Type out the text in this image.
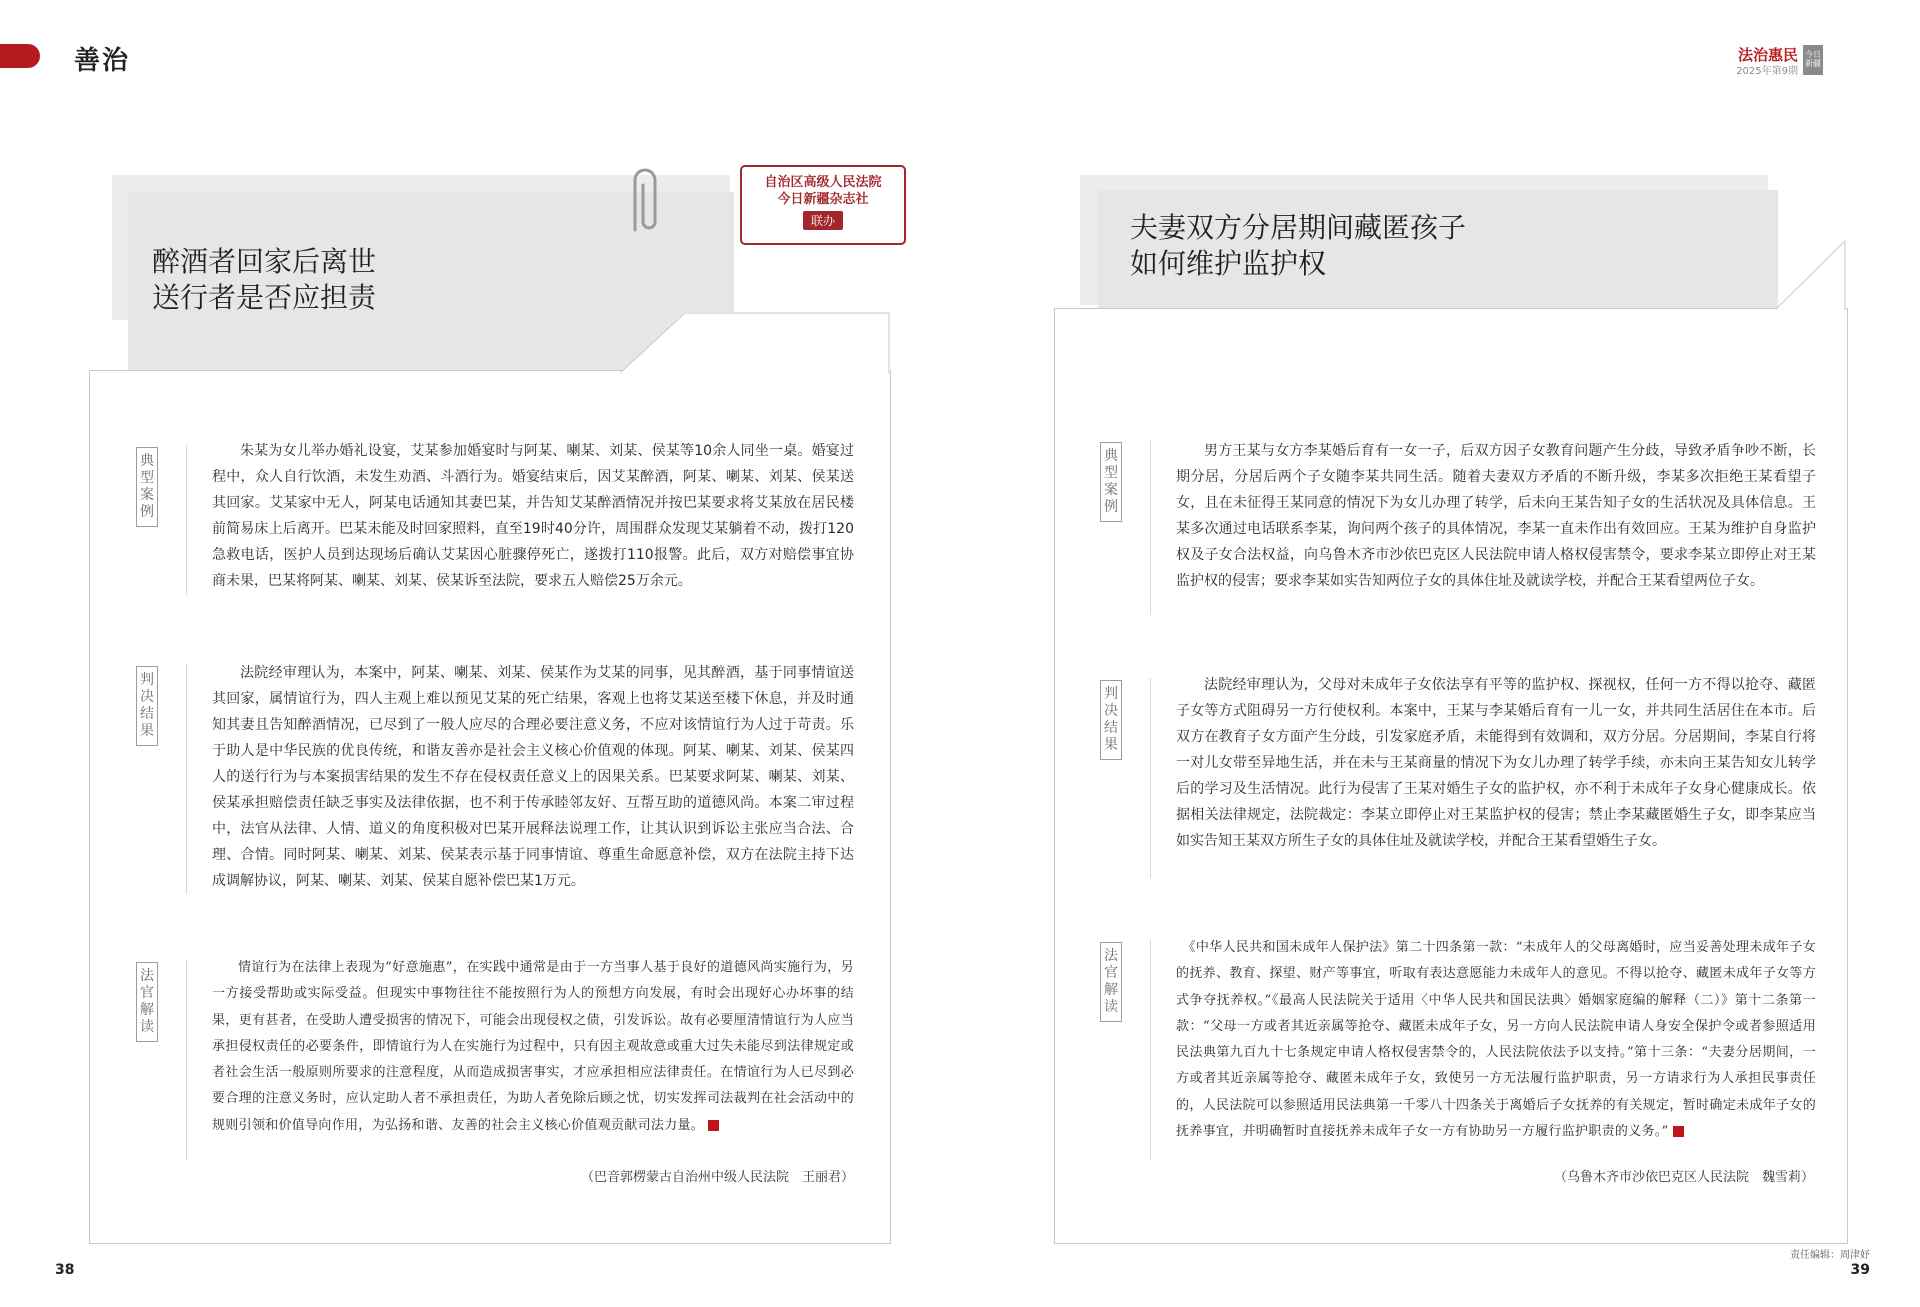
善治	法治惠民
2025年第9期
今日新疆
自治区高级人民法院
今日新疆杂志社
联办
醉酒者回家后离世
送行者是否应担责
典型案例

朱某为女儿举办婚礼设宴，艾某参加婚宴时与阿某、喇某、刘某、侯某等10余人同坐一桌。婚宴过程中，众人自行饮酒，未发生劝酒、斗酒行为。婚宴结束后，因艾某醉酒，阿某、喇某、刘某、侯某送其回家。艾某家中无人，阿某电话通知其妻巴某，并告知艾某醉酒情况并按巴某要求将艾某放在居民楼前简易床上后离开。巴某未能及时回家照料，直至19时40分许，周围群众发现艾某躺着不动，拨打120急救电话，医护人员到达现场后确认艾某因心脏骤停死亡，遂拨打110报警。此后，双方对赔偿事宜协商未果，巴某将阿某、喇某、刘某、侯某诉至法院，要求五人赔偿25万余元。

判决结果

法院经审理认为，本案中，阿某、喇某、刘某、侯某作为艾某的同事，见其醉酒，基于同事情谊送其回家，属情谊行为，四人主观上难以预见艾某的死亡结果，客观上也将艾某送至楼下休息，并及时通知其妻且告知醉酒情况，已尽到了一般人应尽的合理必要注意义务，不应对该情谊行为人过于苛责。乐于助人是中华民族的优良传统，和谐友善亦是社会主义核心价值观的体现。阿某、喇某、刘某、侯某四人的送行行为与本案损害结果的发生不存在侵权责任意义上的因果关系。巴某要求阿某、喇某、刘某、侯某承担赔偿责任缺乏事实及法律依据，也不利于传承睦邻友好、互帮互助的道德风尚。本案二审过程中，法官从法律、人情、道义的角度积极对巴某开展释法说理工作，让其认识到诉讼主张应当合法、合理、合情。同时阿某、喇某、刘某、侯某表示基于同事情谊、尊重生命愿意补偿，双方在法院主持下达成调解协议，阿某、喇某、刘某、侯某自愿补偿巴某1万元。

法官解读

情谊行为在法律上表现为“好意施惠”，在实践中通常是由于一方当事人基于良好的道德风尚实施行为，另一方接受帮助或实际受益。但现实中事物往往不能按照行为人的预想方向发展，有时会出现好心办坏事的结果，更有甚者，在受助人遭受损害的情况下，可能会出现侵权之债，引发诉讼。故有必要厘清情谊行为人应当承担侵权责任的必要条件，即情谊行为人在实施行为过程中，只有因主观故意或重大过失未能尽到法律规定或者社会生活一般原则所要求的注意程度，从而造成损害事实，才应承担相应法律责任。在情谊行为人已尽到必要合理的注意义务时，应认定助人者不承担责任，为助人者免除后顾之忧，切实发挥司法裁判在社会活动中的规则引领和价值导向作用，为弘扬和谐、友善的社会主义核心价值观贡献司法力量。

（巴音郭楞蒙古自治州中级人民法院　王丽君）
夫妻双方分居期间藏匿孩子
如何维护监护权
典型案例

男方王某与女方李某婚后育有一女一子，后双方因子女教育问题产生分歧，导致矛盾争吵不断，长期分居，分居后两个子女随李某共同生活。随着夫妻双方矛盾的不断升级，李某多次拒绝王某看望子女，且在未征得王某同意的情况下为女儿办理了转学，后未向王某告知子女的生活状况及具体信息。王某多次通过电话联系李某，询问两个孩子的具体情况，李某一直未作出有效回应。王某为维护自身监护权及子女合法权益，向乌鲁木齐市沙依巴克区人民法院申请人格权侵害禁令，要求李某立即停止对王某监护权的侵害；要求李某如实告知两位子女的具体住址及就读学校，并配合王某看望两位子女。

判决结果

法院经审理认为，父母对未成年子女依法享有平等的监护权、探视权，任何一方不得以抢夺、藏匿子女等方式阻碍另一方行使权利。本案中，王某与李某婚后育有一儿一女，并共同生活居住在本市。后双方在教育子女方面产生分歧，引发家庭矛盾，未能得到有效调和，双方分居。分居期间，李某自行将一对儿女带至异地生活，并在未与王某商量的情况下为女儿办理了转学手续，亦未向王某告知女儿转学后的学习及生活情况。此行为侵害了王某对婚生子女的监护权，亦不利于未成年子女身心健康成长。依据相关法律规定，法院裁定：李某立即停止对王某监护权的侵害；禁止李某藏匿婚生子女，即李某应当如实告知王某双方所生子女的具体住址及就读学校，并配合王某看望婚生子女。

法官解读

《中华人民共和国未成年人保护法》第二十四条第一款：“未成年人的父母离婚时，应当妥善处理未成年子女的抚养、教育、探望、财产等事宜，听取有表达意愿能力未成年人的意见。不得以抢夺、藏匿未成年子女等方式争夺抚养权。”《最高人民法院关于适用〈中华人民共和国民法典〉婚姻家庭编的解释（二）》第十二条第一款：“父母一方或者其近亲属等抢夺、藏匿未成年子女，另一方向人民法院申请人身安全保护令或者参照适用民法典第九百九十七条规定申请人格权侵害禁令的，人民法院依法予以支持。”第十三条：“夫妻分居期间，一方或者其近亲属等抢夺、藏匿未成年子女，致使另一方无法履行监护职责，另一方请求行为人承担民事责任的，人民法院可以参照适用民法典第一千零八十四条关于离婚后子女抚养的有关规定，暂时确定未成年子女的抚养事宜，并明确暂时直接抚养未成年子女一方有协助另一方履行监护职责的义务。”

（乌鲁木齐市沙依巴克区人民法院　魏雪莉）
38	39
责任编辑：周津妤
